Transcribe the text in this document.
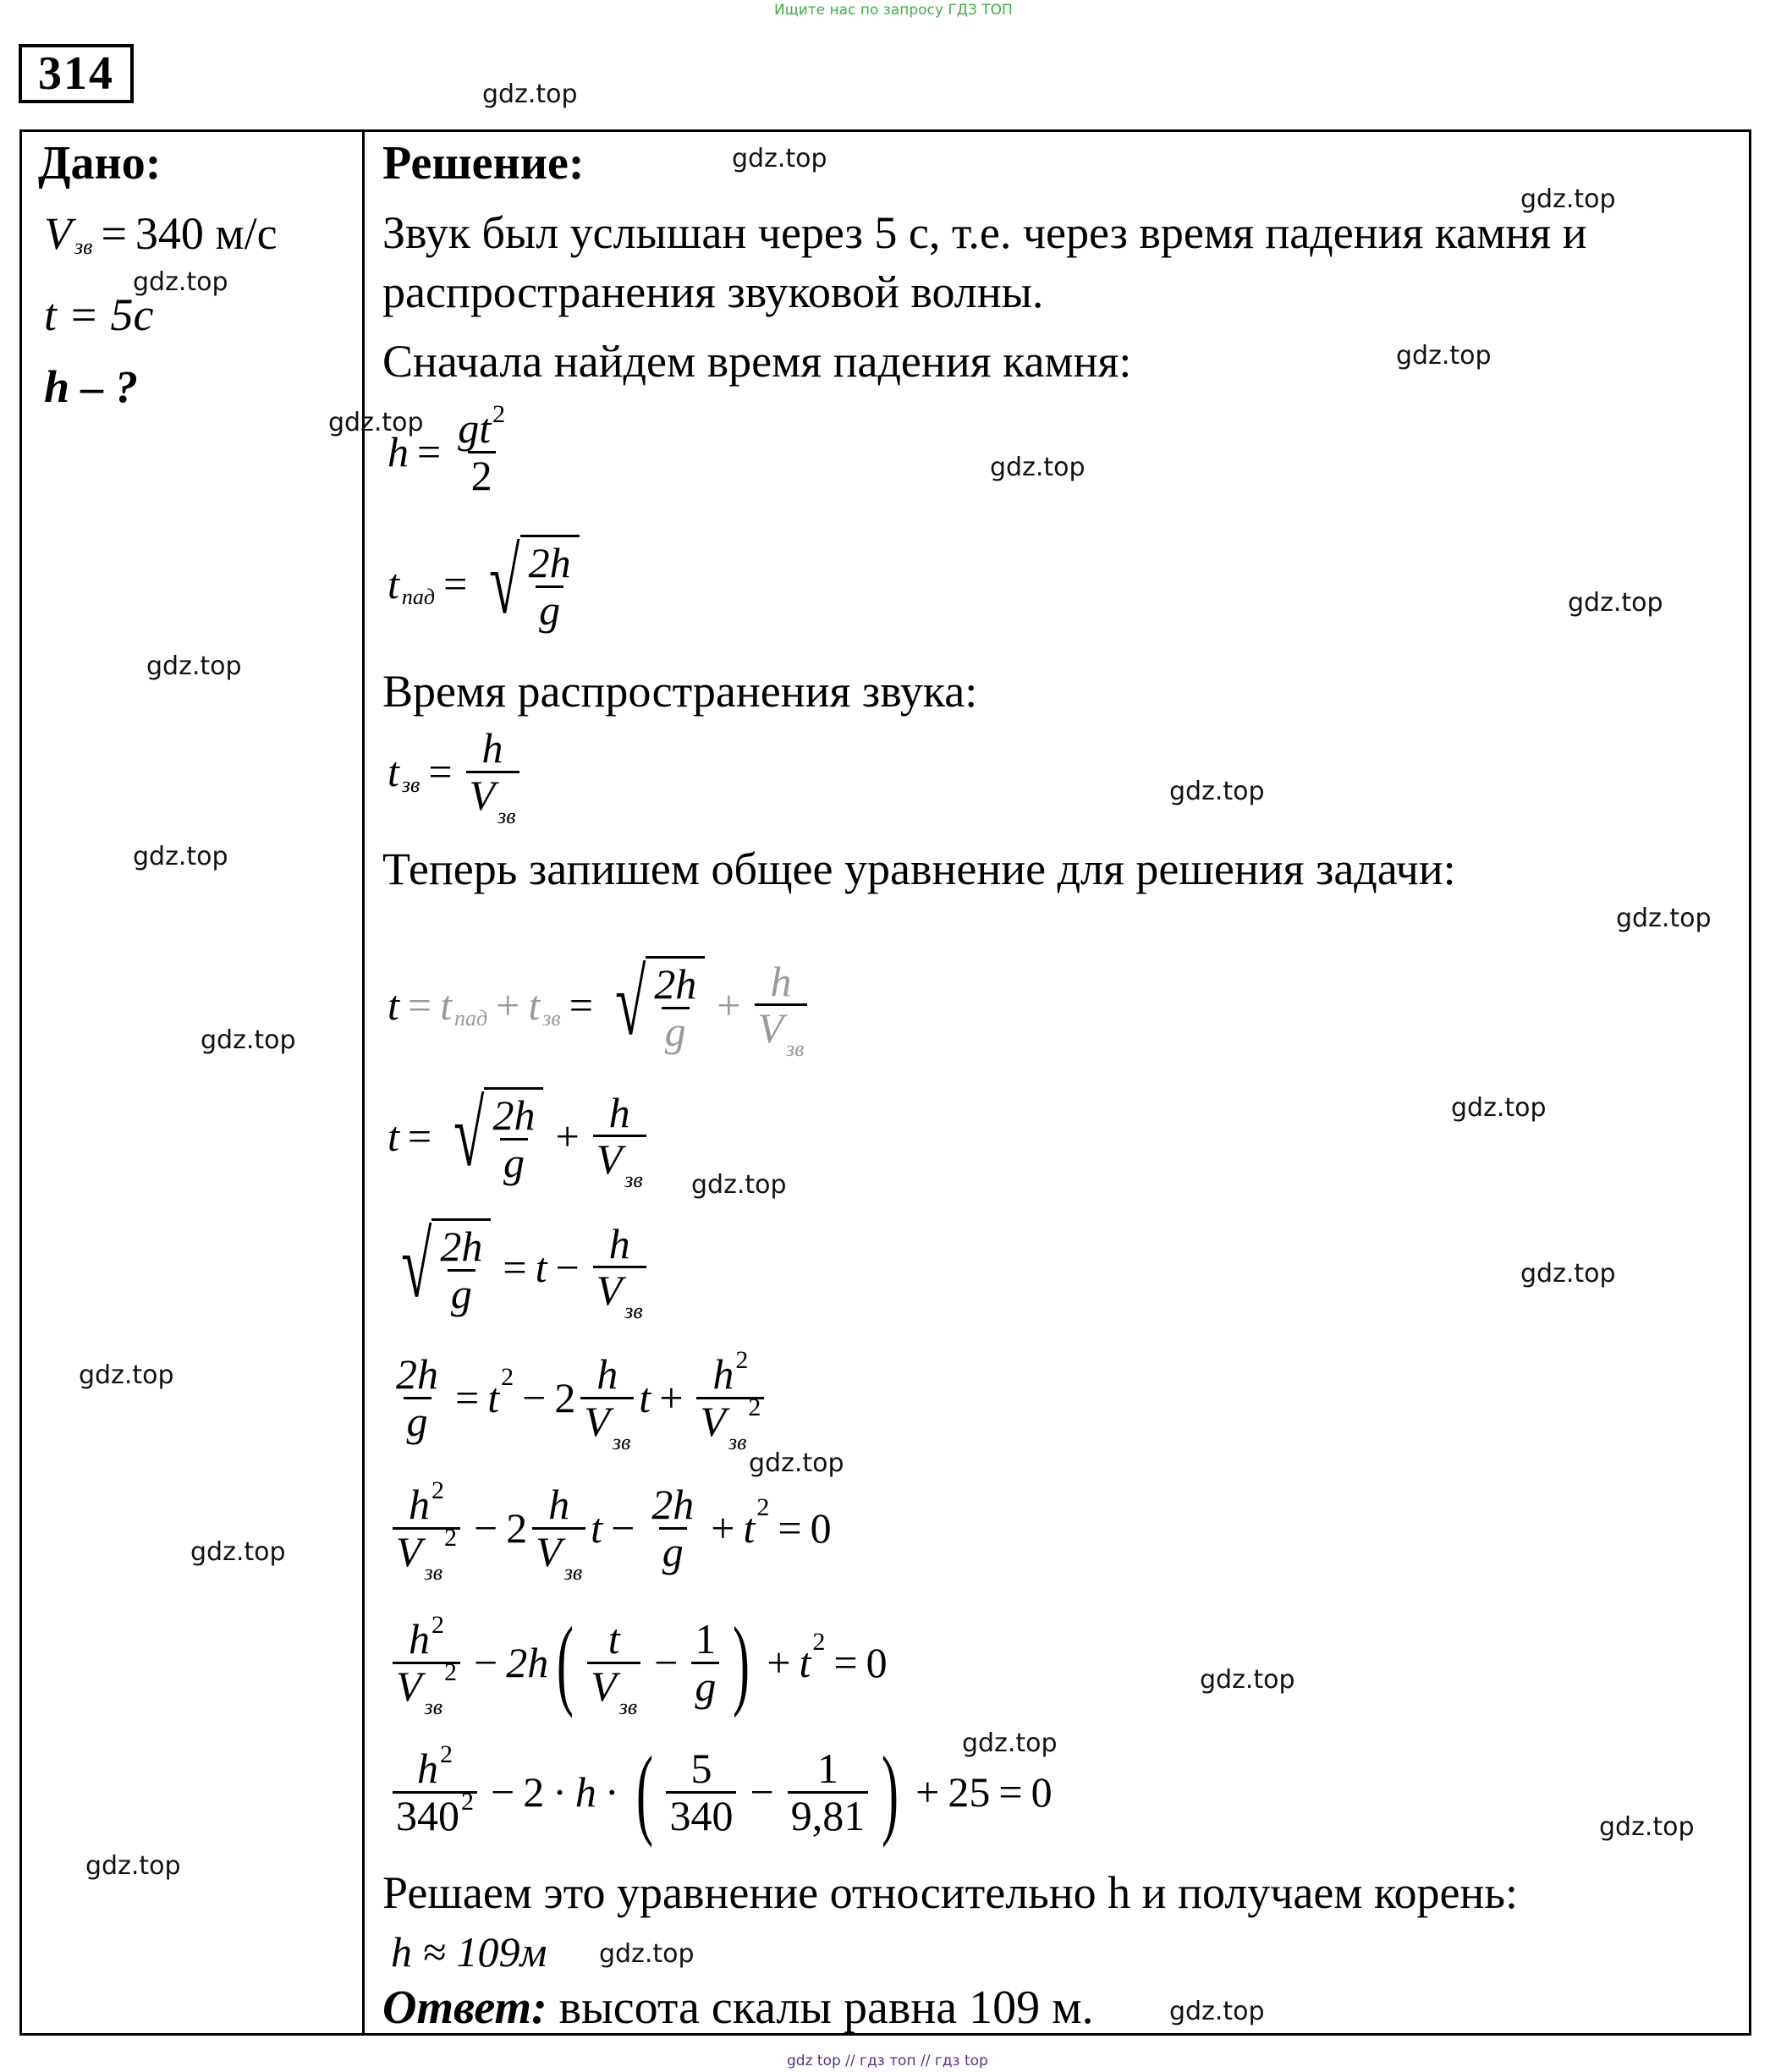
Ищите нас по запросу ГДЗ ТОП
314
Дано:
V зв = 340 м/с
t = 5с
h – ?
Решение:
Звук был услышан через 5 с, т.е. через время падения камня и
распространения звуковой волны.
Сначала найдем время падения камня:
$h = \frac{gt^2}{2}$
t пад = √ $\frac{2h}{g}$
Время распространения звука:
t зв = $\frac{h}{V _{зв}}$
Теперь запишем общее уравнение для решения задачи:
t = t пад + t зв = √ $\frac{2h}{g} + \frac{h}{V _{зв}}$
t = √ $\frac{2h}{g} + \frac{h}{V _{зв}}$
√ $\frac{2h}{g} = t - \frac{h}{V _{зв}}$
$\frac{2h}{g} = t$ $2 - 2 \frac{h}{V _{зв}}$ $t + \frac{h^2}{V _{зв}^2}$
$\frac{h^2}{V _{зв}^2} - 2 \frac{h}{V _{зв}}$ $t - \frac{2h}{g} + t$ 2 = 0
$\frac{h^2}{V _{зв}^2} - 2h$ ( $\frac{t}{V _{зв}} - \frac{1}{g}$ ) + t 2 = 0
$\frac{h^2}{340^2} - 2 \cdot h$ · ( $\frac{5}{340} - \frac{1}{9,81}$ ) + 25 = 0
Решаем это уравнение относительно h и получаем корень:
h ≈ 109м
Ответ: высота скалы равна 109 м.
gdz.top
gdz.top
gdz.top
gdz.top
gdz.top
gdz.top
gdz.top
gdz.top
gdz.top
gdz.top
gdz.top
gdz.top
gdz.top
gdz.top
gdz.top
gdz.top
gdz.top
gdz.top
gdz.top
gdz.top
gdz.top
gdz.top
gdz.top
gdz.top
gdz.top
gdz top // гдз топ // гдз top
